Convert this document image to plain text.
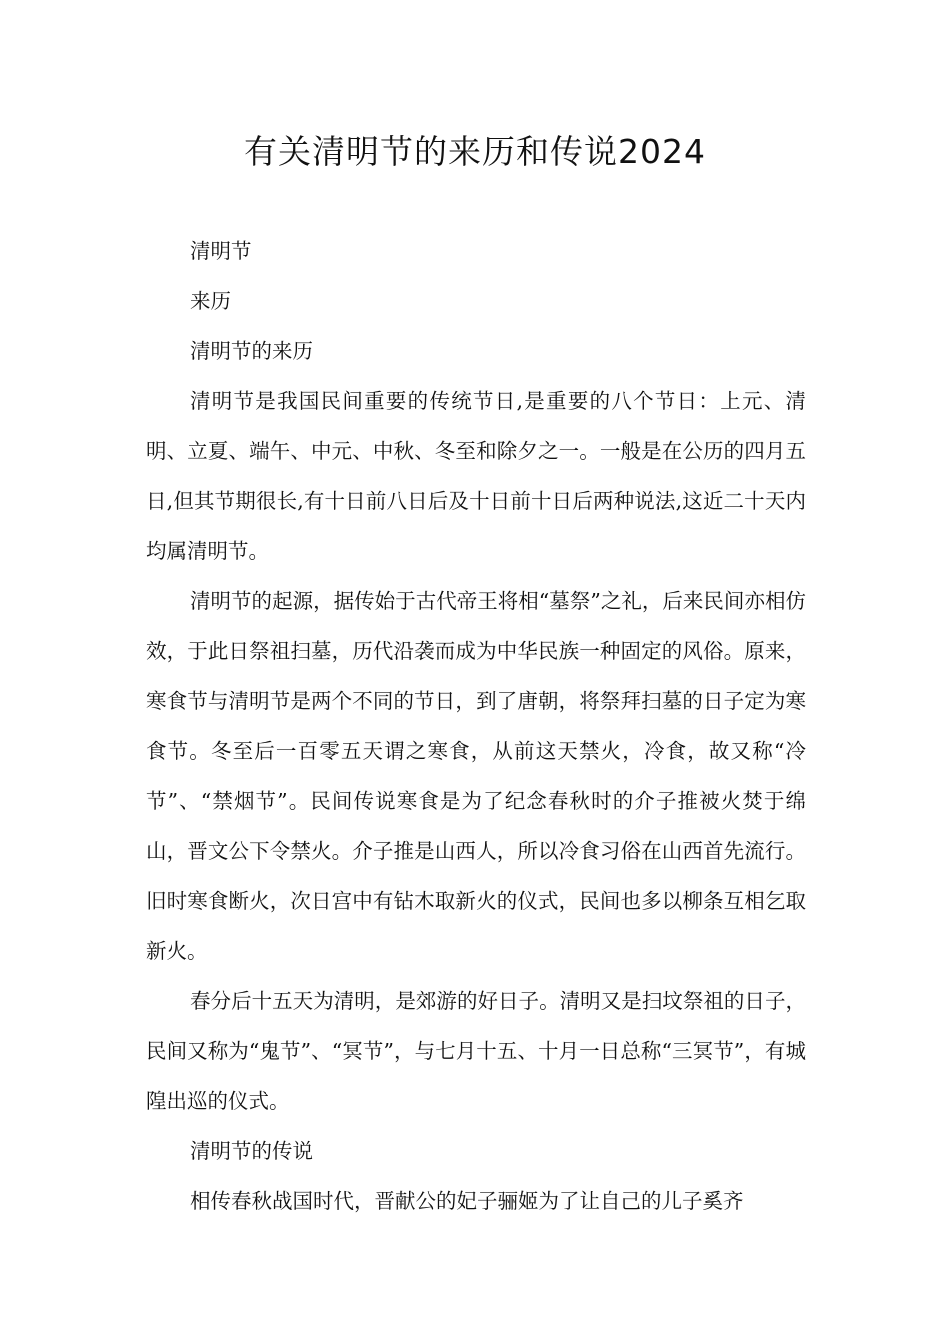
有关清明节的来历和传说2024

清明节

来历

清明节的来历

清明节是我国民间重要的传统节日,是重要的八个节日：上元、清明、立夏、端午、中元、中秋、冬至和除夕之一。一般是在公历的四月五日,但其节期很长,有十日前八日后及十日前十日后两种说法,这近二十天内均属清明节。

清明节的起源，据传始于古代帝王将相“墓祭”之礼，后来民间亦相仿效，于此日祭祖扫墓，历代沿袭而成为中华民族一种固定的风俗。原来，寒食节与清明节是两个不同的节日，到了唐朝，将祭拜扫墓的日子定为寒食节。冬至后一百零五天谓之寒食，从前这天禁火，冷食，故又称“冷节”、“禁烟节”。民间传说寒食是为了纪念春秋时的介子推被火焚于绵山，晋文公下令禁火。介子推是山西人，所以冷食习俗在山西首先流行。旧时寒食断火，次日宫中有钻木取新火的仪式，民间也多以柳条互相乞取新火。

春分后十五天为清明，是郊游的好日子。清明又是扫坟祭祖的日子，民间又称为“鬼节”、“冥节”，与七月十五、十月一日总称“三冥节”，有城隍出巡的仪式。

清明节的传说

相传春秋战国时代，晋献公的妃子骊姬为了让自己的儿子奚齐
